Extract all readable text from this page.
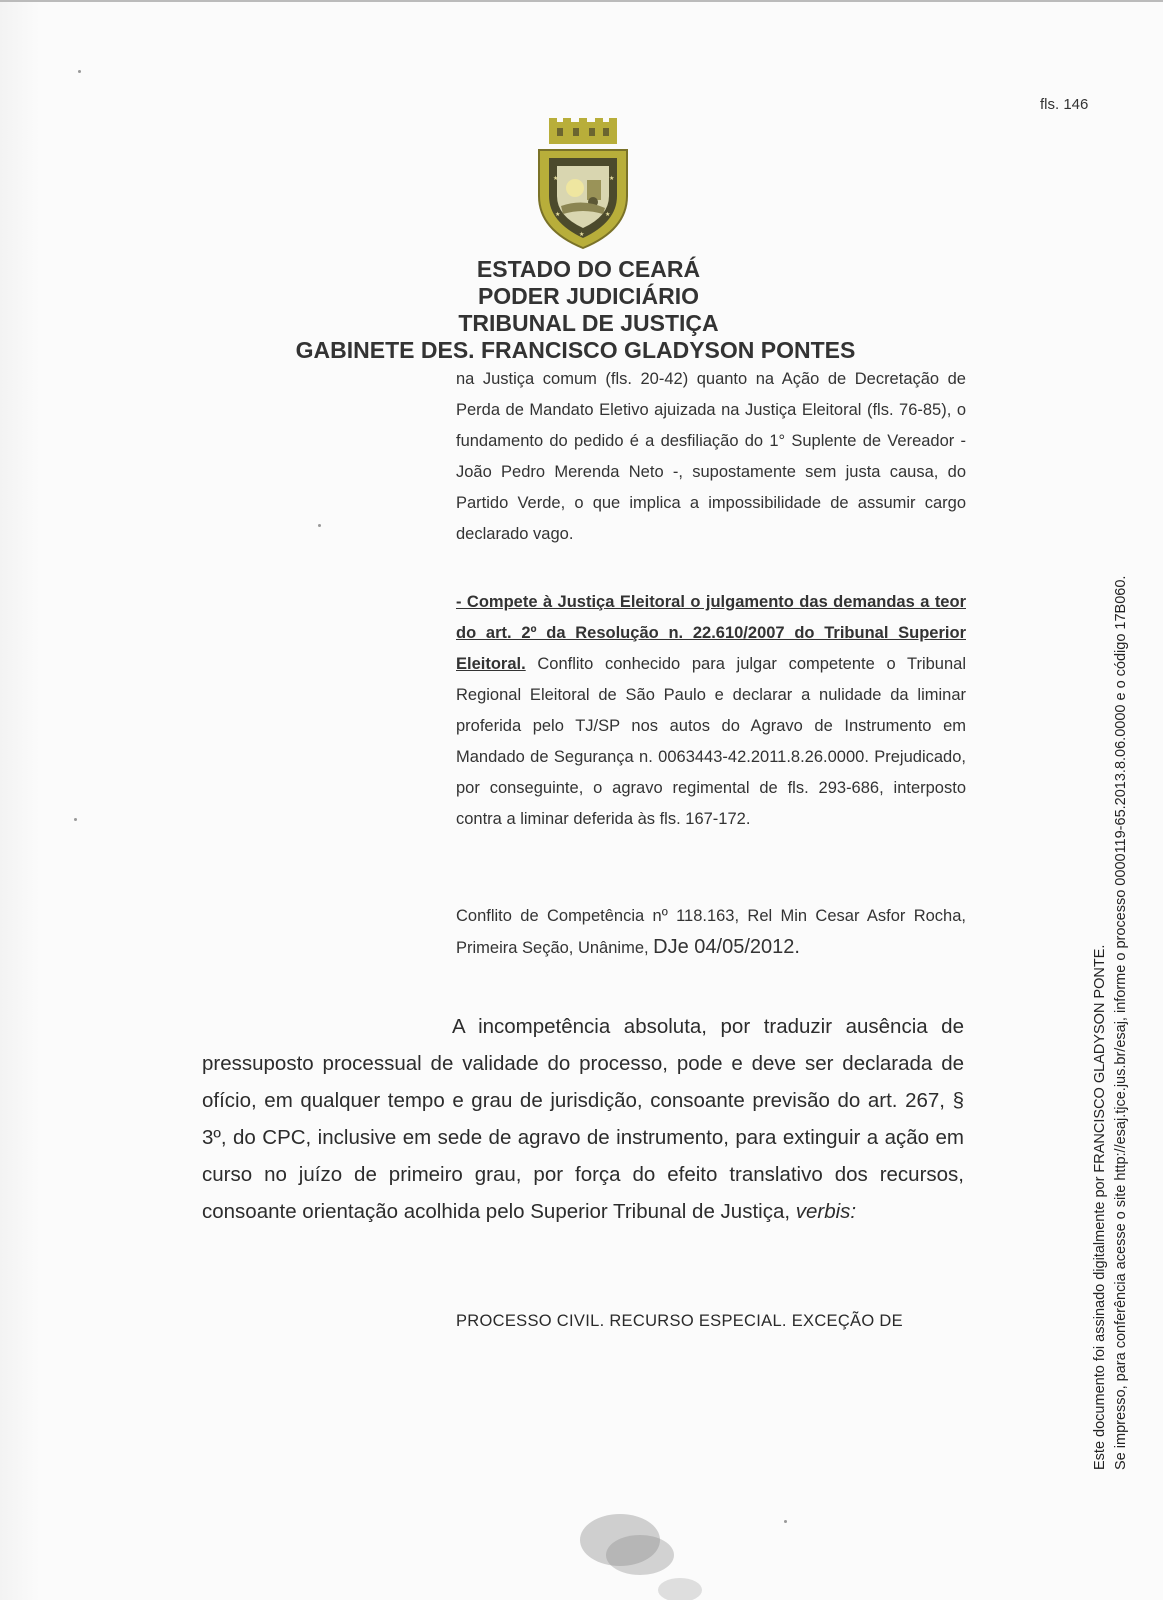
fls. 146
★	★
★	★
★
ESTADO DO CEARÁ
PODER JUDICIÁRIO
TRIBUNAL DE JUSTIÇA
GABINETE DES. FRANCISCO GLADYSON PONTES
na Justiça comum (fls. 20-42) quanto na Ação de Decretação de Perda de Mandato Eletivo ajuizada na Justiça Eleitoral (fls. 76-85), o fundamento do pedido é a desfiliação do 1° Suplente de Vereador - João Pedro Merenda Neto -, supostamente sem justa causa, do Partido Verde, o que implica a impossibilidade de assumir cargo declarado vago.
- Compete à Justiça Eleitoral o julgamento das demandas a teor do art. 2º da Resolução n. 22.610/2007 do Tribunal Superior Eleitoral. Conflito conhecido para julgar competente o Tribunal Regional Eleitoral de São Paulo e declarar a nulidade da liminar proferida pelo TJ/SP nos autos do Agravo de Instrumento em Mandado de Segurança n. 0063443-42.2011.8.26.0000. Prejudicado, por conseguinte, o agravo regimental de fls. 293-686, interposto contra a liminar deferida às fls. 167-172.
Conflito de Competência nº 118.163, Rel Min Cesar Asfor Rocha, Primeira Seção, Unânime, DJe 04/05/2012.
A incompetência absoluta, por traduzir ausência de pressuposto processual de validade do processo, pode e deve ser declarada de ofício, em qualquer tempo e grau de jurisdição, consoante previsão do art. 267, § 3º, do CPC, inclusive em sede de agravo de instrumento, para extinguir a ação em curso no juízo de primeiro grau, por força do efeito translativo dos recursos, consoante orientação acolhida pelo Superior Tribunal de Justiça, verbis:
PROCESSO CIVIL. RECURSO ESPECIAL. EXCEÇÃO DE	Este documento foi assinado digitalmente por FRANCISCO GLADYSON PONTE. Se impresso, para conferência acesse o site http://esaj.tjce.jus.br/esaj, informe o processo 0000119-65.2013.8.06.0000 e o código 17B060.
